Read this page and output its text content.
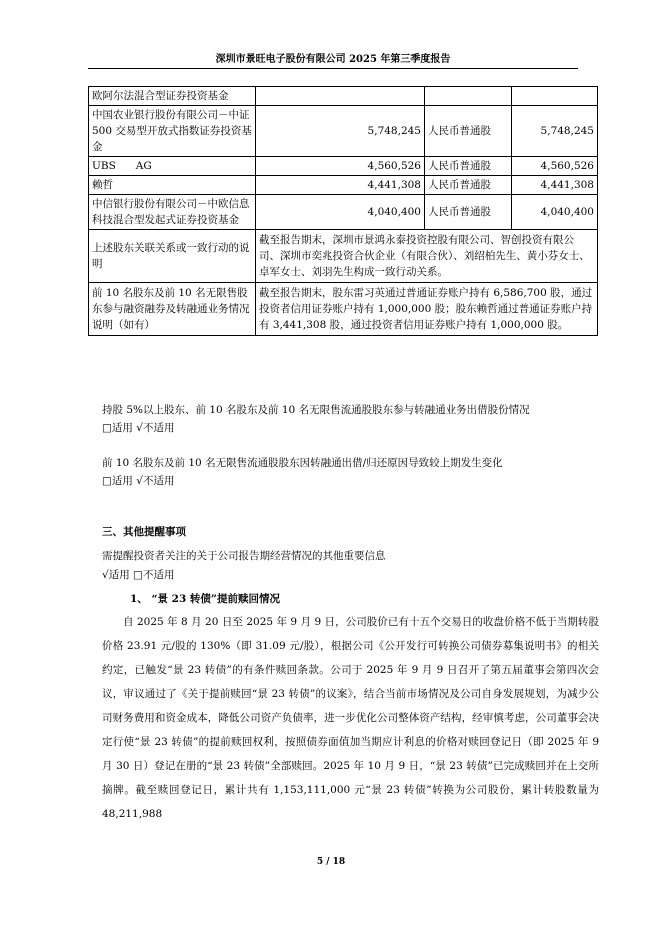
深圳市景旺电子股份有限公司 2025 年第三季度报告
欧阿尔法混合型证券投资基金			
中国农业银行股份有限公司－中证 500 交易型开放式指数证券投资基金	5,748,245	人民币普通股	5,748,245
UBS      AG	4,560,526	人民币普通股	4,560,526
赖哲	4,441,308	人民币普通股	4,441,308
中信银行股份有限公司－中欧信息科技混合型发起式证券投资基金	4,040,400	人民币普通股	4,040,400
上述股东关联关系或一致行动的说明	截至报告期末，深圳市景鸿永泰投资控股有限公司、智创投资有限公司、深圳市奕兆投资合伙企业（有限合伙）、刘绍柏先生、黄小芬女士、卓军女士、刘羽先生构成一致行动关系。		
前 10 名股东及前 10 名无限售股东参与融资融券及转融通业务情况说明（如有）	截至报告期末，股东雷习英通过普通证券账户持有 6,586,700 股，通过投资者信用证券账户持有 1,000,000 股；股东赖哲通过普通证券账户持有 3,441,308 股，通过投资者信用证券账户持有 1,000,000 股。		
持股 5%以上股东、前 10 名股东及前 10 名无限售流通股股东参与转融通业务出借股份情况
□适用 √不适用
前 10 名股东及前 10 名无限售流通股股东因转融通出借/归还原因导致较上期发生变化
□适用 √不适用
三、其他提醒事项
需提醒投资者关注的关于公司报告期经营情况的其他重要信息
√适用 □不适用
1、 “景 23 转债”提前赎回情况
自 2025 年 8 月 20 日至 2025 年 9 月 9 日，公司股价已有十五个交易日的收盘价格不低于当期转股价格 23.91 元/股的 130%（即 31.09 元/股），根据公司《公开发行可转换公司债券募集说明书》的相关约定，已触发“景 23 转债”的有条件赎回条款。公司于 2025 年 9 月 9 日召开了第五届董事会第四次会议，审议通过了《关于提前赎回“景 23 转债”的议案》，结合当前市场情况及公司自身发展规划，为减少公司财务费用和资金成本，降低公司资产负债率，进一步优化公司整体资产结构，经审慎考虑，公司董事会决定行使“景 23 转债”的提前赎回权利，按照债券面值加当期应计利息的价格对赎回登记日（即 2025 年 9 月 30 日）登记在册的“景 23 转债”全部赎回。2025 年 10 月 9 日，“景 23 转债”已完成赎回并在上交所摘牌。截至赎回登记日，累计共有 1,153,111,000 元“景 23 转债”转换为公司股份，累计转股数量为 48,211,988
5 / 18
